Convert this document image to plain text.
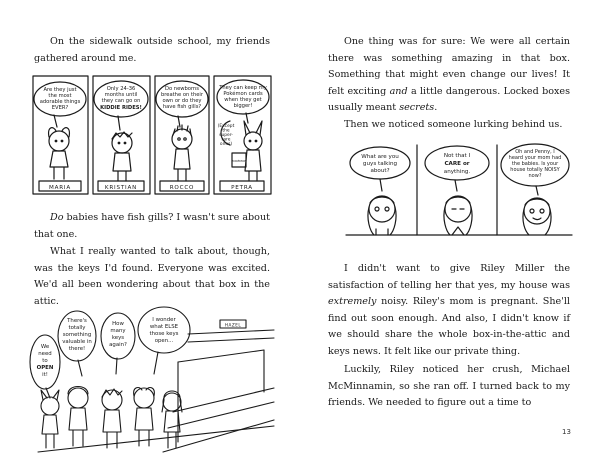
On the sidewalk outside school, my friends gathered around me.

Are they just
the most
adorable things
EVER?
Only 24-36
months until
they can go on
KIDDIE RIDES!
Do newborns
breathe on their
own or do they
have fish gills?
They can keep my
Pokémon cards
when they get
bigger!
(Except
the
super-
rare
ones)
POKÉMON
MARIA	KRISTIAN	ROCCO	PETRA

Do babies have fish gills? I wasn't sure about that one.

What I really wanted to talk about, though, was the keys I'd found. Everyone was excited. We'd all been wondering about that box in the attic.

We
need
to
OPEN
it!
There's
totally
something
valuable in
there!
How
many
keys
again?
I wonder
what ELSE
those keys
open...
HAZEL

One thing was for sure: We were all certain there was something amazing in that box. Something that might even change our lives! It felt exciting and a little dangerous. Locked boxes usually meant secrets.

Then we noticed someone lurking behind us.

What are you
guys talking
about?
Not that I
CARE or
anything.
Oh and Penny, I
heard your mom had
the babies. Is your
house totally NOISY
now?

I didn't want to give Riley Miller the satisfaction of telling her that yes, my house was extremely noisy. Riley's mom is pregnant. She'll find out soon enough. And also, I didn't know if we should share the whole box-in-the-attic and keys news. It felt like our private thing.

Luckily, Riley noticed her crush, Michael McMinnamin, so she ran off. I turned back to my friends. We needed to figure out a time to

13
